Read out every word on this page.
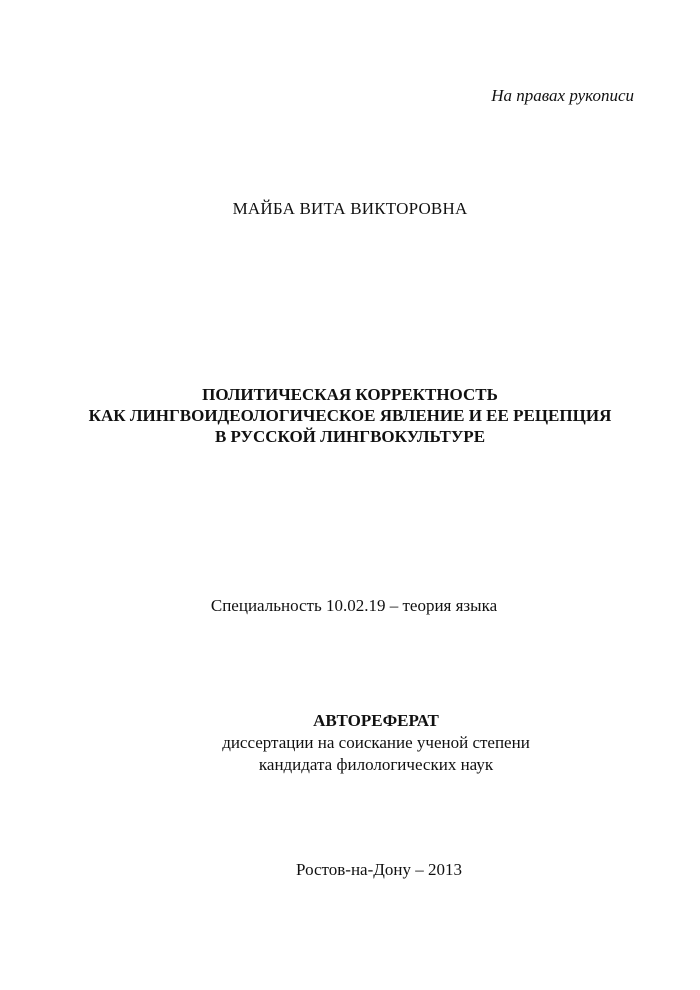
На правах рукописи
МАЙБА ВИТА ВИКТОРОВНА
ПОЛИТИЧЕСКАЯ КОРРЕКТНОСТЬ
КАК ЛИНГВОИДЕОЛОГИЧЕСКОЕ ЯВЛЕНИЕ И ЕЕ РЕЦЕПЦИЯ
В РУССКОЙ ЛИНГВОКУЛЬТУРЕ
Специальность 10.02.19 – теория языка
АВТОРЕФЕРАТ
диссертации на соискание ученой степени
кандидата филологических наук
Ростов-на-Дону – 2013
